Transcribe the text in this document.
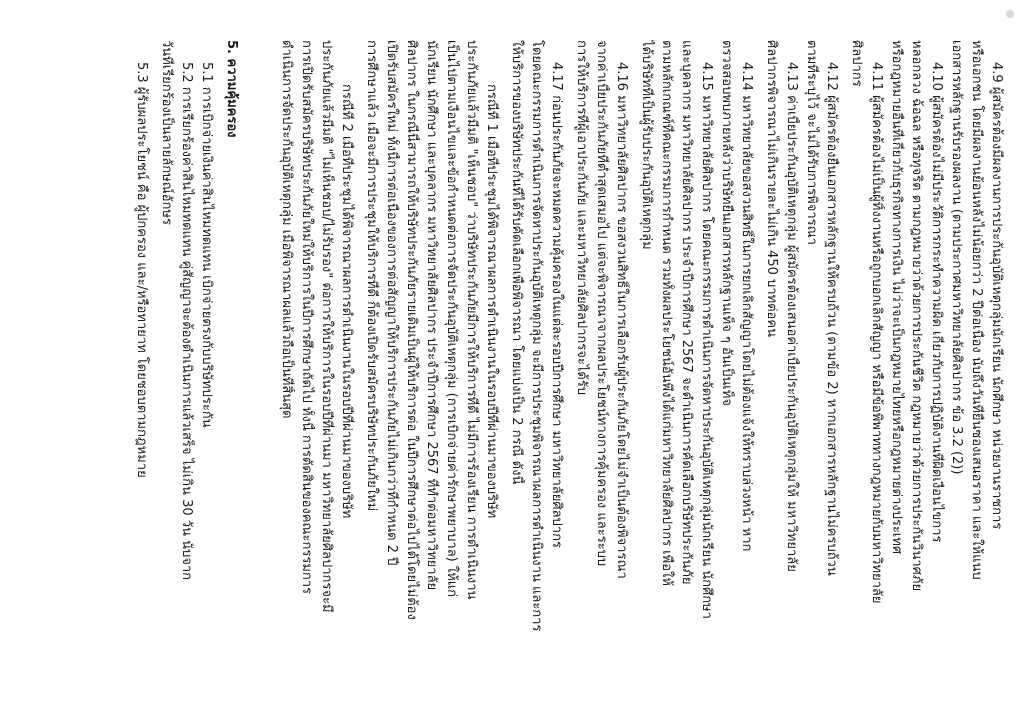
4.9 ผู้สมัครต้องมีผลงานการประกันอุบัติเหตุกลุ่มนักเรียน นักศึกษา หน่วยงานราชการ
หรือเอกชน โดยมีผลงานย้อนหลังไม่น้อยกว่า 2 ปีต่อเนื่อง นับถึงวันที่ยื่นซองเสนอราคา และให้แนบ
เอกสารหลักฐานรับรองผลงาน (ตามประกาศมหาวิทยาลัยศิลปากร ข้อ 3.2 (2))
4.10 ผู้สมัครต้องไม่มีประวัติการกระทำความผิด เกี่ยวกับการปฏิบัติงานที่ผิดเงื่อนไขการ
หลอกลวง ฉ้อฉล หรือทุจริต ตามกฎหมายว่าด้วยการประกันชีวิต กฎหมายว่าด้วยการประกันวินาศภัย
หรือกฎหมายอื่นที่เกี่ยวกับธุรกิจทางการเงิน ไม่ว่าจะเป็นกฎหมายไทยหรือกฎหมายต่างประเทศ
4.11 ผู้สมัครต้องไม่เป็นผู้ทิ้งงานหรือถูกบอกเลิกสัญญา หรือมีข้อพิพาททางกฎหมายกับมหาวิทยาลัย
ศิลปากร
4.12 ผู้สมัครต้องยื่นเอกสารหลักฐานให้ครบถ้วน (ตามข้อ 2) หากเอกสารหลักฐานไม่ครบถ้วน
ตามที่ระบุไว้ จะไม่ได้รับการพิจารณา
4.13 ค่าเบี้ยประกันอุบัติเหตุกลุ่ม ผู้สมัครต้องเสนอค่าเบี้ยประกันอุบัติเหตุกลุ่มให้ มหาวิทยาลัย
ศิลปากรพิจารณาไม่เกินรายละไม่เกิน 450 บาทต่อคน
4.14 มหาวิทยาลัยขอสงวนสิทธิ์ในการยกเลิกสัญญาโดยไม่ต้องแจ้งให้ทราบล่วงหน้า หาก
ตรวจสอบพบภายหลังว่าบริษัทยื่นเอกสารหลักฐานเท็จ ๆ อันเป็นเท็จ
4.15 มหาวิทยาลัยศิลปากร โดยคณะกรรมการดำเนินการจัดหาประกันอุบัติเหตุกลุ่มนักเรียน นักศึกษา
และบุคลากร มหาวิทยาลัยศิลปากร ประจำปีการศึกษา 2567 จะดำเนินการคัดเลือกบริษัทประกันภัย
ตามหลักเกณฑ์ที่คณะกรรมการกำหนด รวมทั้งผลประโยชน์อันพึงได้แก่มหาวิทยาลัยศิลปากร เพื่อให้
ได้บริษัทที่เป็นผู้รับประกันอุบัติเหตุกลุ่ม
4.16 มหาวิทยาลัยศิลปากร ขอสงวนสิทธิ์ในการเลือกรับผู้ประกันภัยโดยไม่จำเป็นต้องพิจารณา
จากค่าเบี้ยประกันภัยที่ต่ำสุดเสมอไป แต่จะพิจารณาจากผลประโยชน์ทางการคุ้มครอง และระบบ
การให้บริการที่ผู้เอาประกันภัย และมหาวิทยาลัยศิลปากรจะได้รับ
4.17 ก่อนประกันภัยจะหมดความคุ้มครองในแต่ละรอบปีการศึกษา มหาวิทยาลัยศิลปากร
โดยคณะกรรมการดำเนินการจัดหาประกันอุบัติเหตุกลุ่ม จะมีการประชุมพิจารณาผลการดำเนินงาน และการ
ให้บริการของบริษัทประกันที่ได้รับคัดเลือกเพื่อพิจารณา โดยแบ่งเป็น 2 กรณี ดังนี้
กรณีที่ 1 เมื่อที่ประชุมได้พิจารณาผลการดำเนินงานในรอบปีที่ผ่านมาของบริษัท
ประกันภัยแล้วมีมติ "เห็นชอบ" ว่าบริษัทประกันภัยมีการให้บริการที่ดี ไม่มีการร้องเรียน การดำเนินงาน
เป็นไปตามเงื่อนไขและข้อกำหนดต่อการจัดประกันอุบัติเหตุกลุ่ม (การเบิกจ่ายค่ารักษาพยาบาล) ให้แก่
นักเรียน นักศึกษา และบุคลากร มหาวิทยาลัยศิลปากร ประจำปีการศึกษา 2567 ที่ทำต่อมหาวิทยาลัย
ศิลปากร ในกรณีนี้สามารถให้บริษัทประกันภัยรายเดิมเป็นผู้ให้บริการต่อ ในปีการศึกษาต่อไปได้โดยไม่ต้อง
เปิดรับสมัครใหม่ ทั้งนี้การต่อเนื่องของการต่อสัญญาให้บริการประกันภัยไม่เกินกว่าที่กำหนด 2 ปี
การศึกษาแล้ว เมื่อจะมีการประชุมให้บริการที่ดี ก็ต้องเปิดรับสมัครบริษัทประกันภัยใหม่
กรณีที่ 2 เมื่อที่ประชุมได้พิจารณาผลการดำเนินงานในรอบปีที่ผ่านมาของบริษัท
ประกันภัยแล้วมีมติ "ไม่เห็นชอบ/ไม่รับรอง" ต่อการให้บริการในรอบปีที่ผ่านมา มหาวิทยาลัยศิลปากรจะมี
การเปิดรับสมัครบริษัทประกันภัยใหม่ให้บริการในปีการศึกษาถัดไป ทั้งนี้ การตัดสินของคณะกรรมการ
ดำเนินการจัดประกันอุบัติเหตุกลุ่ม เมื่อพิจารณาผลแล้วถือเป็นที่สิ้นสุด
5. ความคุ้มครอง
5.1 การเบิกจ่ายเงินค่าสินไหมทดแทน เบิกจ่ายตรงกับบริษัทประกัน
5.2 การเรียกร้องค่าสินไหมทดแทน คู่สัญญาจะต้องดำเนินการแล้วเสร็จ ไม่เกิน 30 วัน นับจาก
วันที่เรียกร้องเป็นลายลักษณ์อักษร
5.3 ผู้รับผลประโยชน์ คือ ผู้ปกครอง และ/หรือทายาท โดยชอบตามกฎหมาย
